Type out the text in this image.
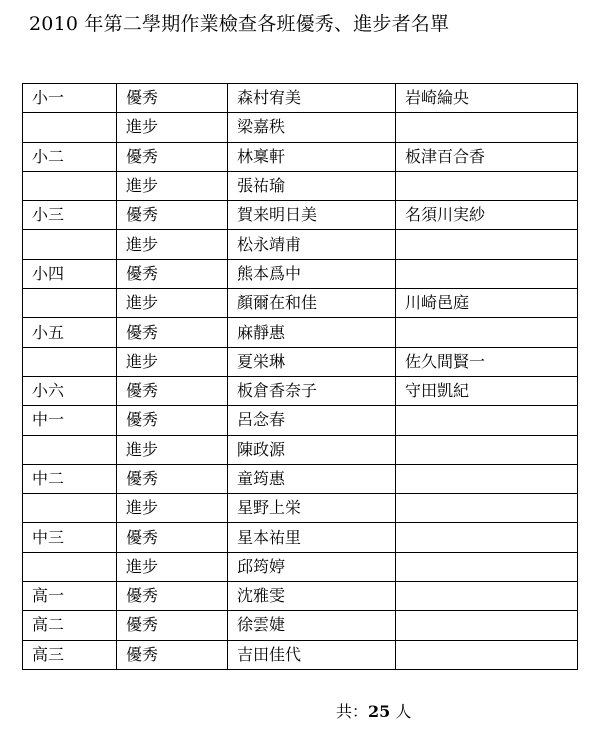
2010 年第二學期作業檢查各班優秀、進步者名單
小一	優秀	森村宥美	岩崎綸央
	進步	梁嘉秩	
小二	優秀	林稟軒	板津百合香
	進步	張祐瑜	
小三	優秀	賀来明日美	名須川実紗
	進步	松永靖甫	
小四	優秀	熊本爲中	
	進步	顏爾在和佳	川崎邑庭
小五	優秀	麻靜惠	
	進步	夏栄琳	佐久間賢一
小六	優秀	板倉香奈子	守田凱紀
中一	優秀	呂念春	
	進步	陳政源	
中二	優秀	童筠惠	
	進步	星野上栄	
中三	優秀	星本祐里	
	進步	邱筠婷	
高一	優秀	沈雅雯	
高二	優秀	徐雲婕	
高三	優秀	吉田佳代	
共：25 人
